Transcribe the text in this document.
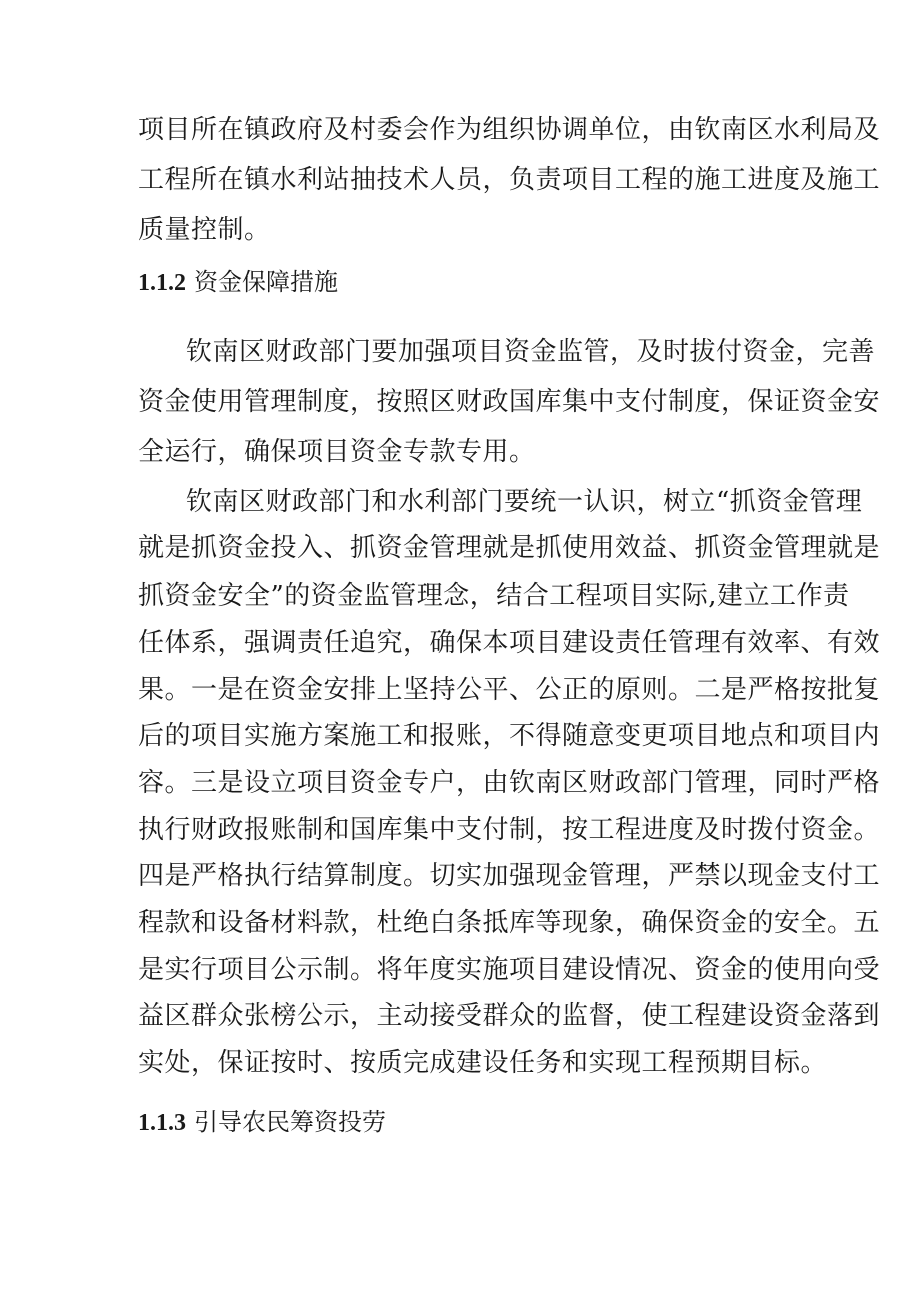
项目所在镇政府及村委会作为组织协调单位，由钦南区水利局及
工程所在镇水利站抽技术人员，负责项目工程的施工进度及施工
质量控制。
1.1.2 资金保障措施
钦南区财政部门要加强项目资金监管，及时拔付资金，完善
资金使用管理制度，按照区财政国库集中支付制度，保证资金安
全运行，确保项目资金专款专用。
钦南区财政部门和水利部门要统一认识，树立“抓资金管理
就是抓资金投入、抓资金管理就是抓使用效益、抓资金管理就是
抓资金安全”的资金监管理念，结合工程项目实际,建立工作责
任体系，强调责任追究，确保本项目建设责任管理有效率、有效
果。一是在资金安排上坚持公平、公正的原则。二是严格按批复
后的项目实施方案施工和报账，不得随意变更项目地点和项目内
容。三是设立项目资金专户，由钦南区财政部门管理，同时严格
执行财政报账制和国库集中支付制，按工程进度及时拨付资金。
四是严格执行结算制度。切实加强现金管理，严禁以现金支付工
程款和设备材料款，杜绝白条抵库等现象，确保资金的安全。五
是实行项目公示制。将年度实施项目建设情况、资金的使用向受
益区群众张榜公示，主动接受群众的监督，使工程建设资金落到
实处，保证按时、按质完成建设任务和实现工程预期目标。
1.1.3 引导农民筹资投劳
